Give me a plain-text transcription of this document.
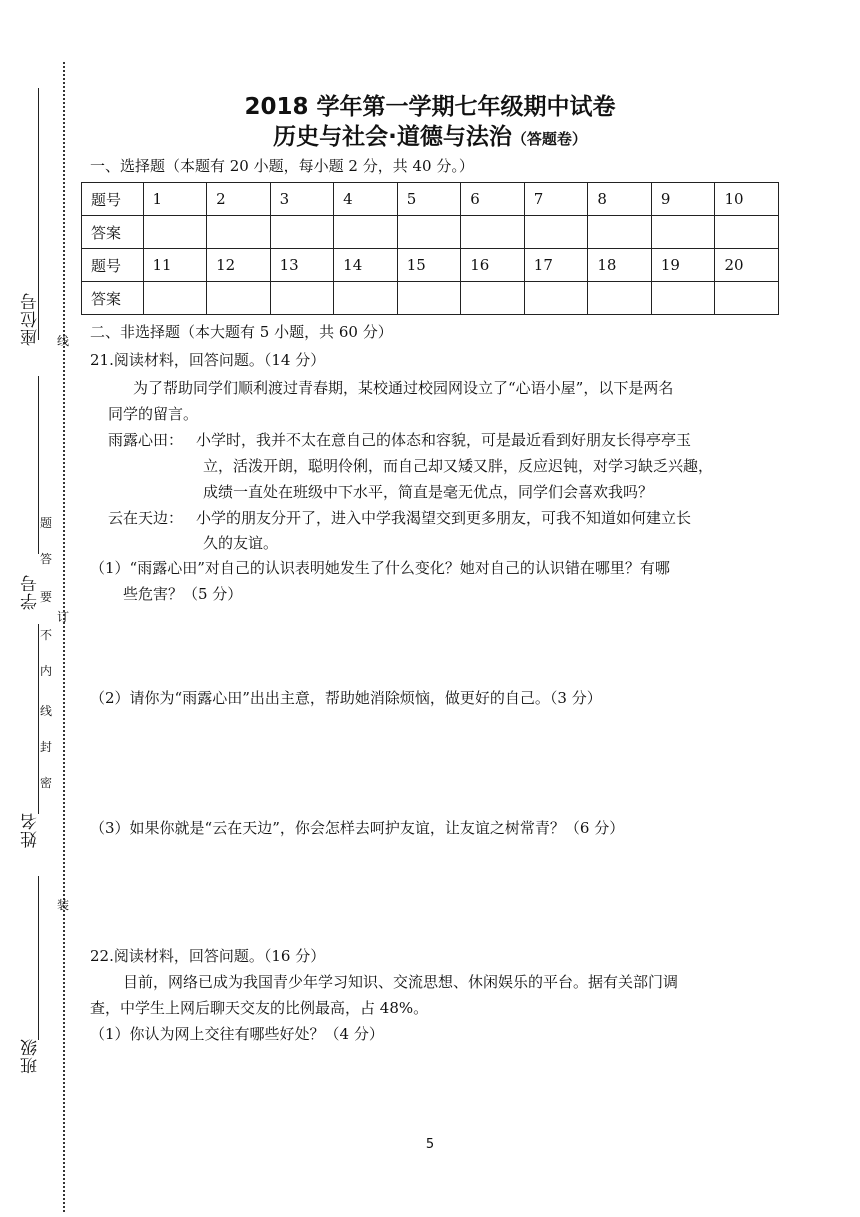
座位号 线
学号
姓名
班级
密
封
线
内
不
要
答
题
订
装
2018 学年第一学期七年级期中试卷
历史与社会·道德与法治（答题卷）
一、选择题（本题有 20 小题，每小题 2 分，共 40 分。）
题号	1	2	3	4	5	6	7	8	9	10
答案										
题号	11	12	13	14	15	16	17	18	19	20
答案										
二、非选择题（本大题有 5 小题，共 60 分）
21.阅读材料，回答问题。（14 分）
为了帮助同学们顺利渡过青春期，某校通过校园网设立了“心语小屋”，以下是两名
同学的留言。
雨露心田： 小学时，我并不太在意自己的体态和容貌，可是最近看到好朋友长得亭亭玉
立，活泼开朗，聪明伶俐，而自己却又矮又胖，反应迟钝，对学习缺乏兴趣，
成绩一直处在班级中下水平，简直是毫无优点，同学们会喜欢我吗？
云在天边： 小学的朋友分开了，进入中学我渴望交到更多朋友，可我不知道如何建立长
久的友谊。
（1）“雨露心田”对自己的认识表明她发生了什么变化？她对自己的认识错在哪里？有哪
些危害？（5 分）
（2）请你为“雨露心田”出出主意，帮助她消除烦恼，做更好的自己。（3 分）
（3）如果你就是“云在天边”，你会怎样去呵护友谊，让友谊之树常青？（6 分）
22.阅读材料，回答问题。（16 分）
目前，网络已成为我国青少年学习知识、交流思想、休闲娱乐的平台。据有关部门调
查，中学生上网后聊天交友的比例最高，占 48%。
（1）你认为网上交往有哪些好处？（4 分）
5
